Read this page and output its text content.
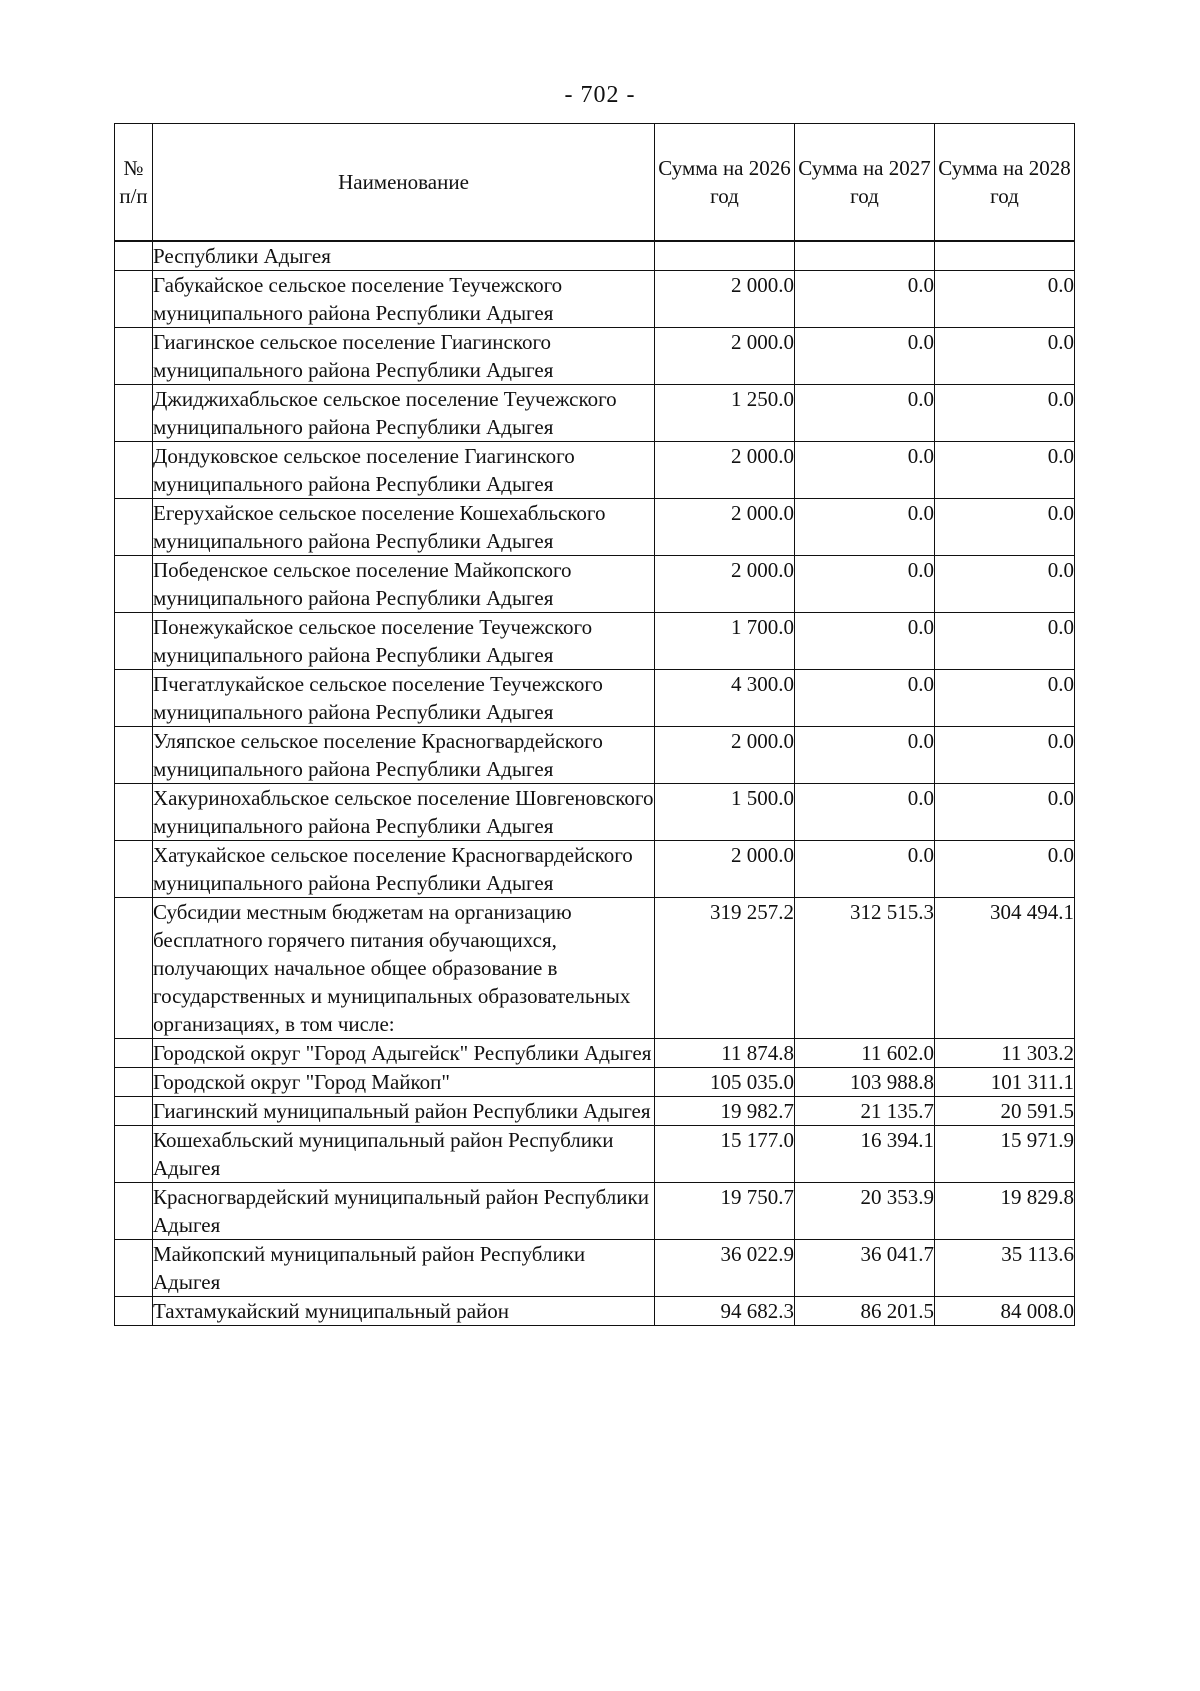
- 702 -
№ п/п	Наименование	Сумма на 2026 год	Сумма на 2027 год	Сумма на 2028 год
	Республики Адыгея			
	Габукайское сельское поселение Теучежского муниципального района Республики Адыгея	2 000.0	0.0	0.0
	Гиагинское сельское поселение Гиагинского муниципального района Республики Адыгея	2 000.0	0.0	0.0
	Джиджихабльское сельское поселение Теучежского муниципального района Республики Адыгея	1 250.0	0.0	0.0
	Дондуковское сельское поселение Гиагинского муниципального района Республики Адыгея	2 000.0	0.0	0.0
	Егерухайское сельское поселение Кошехабльского муниципального района Республики Адыгея	2 000.0	0.0	0.0
	Победенское сельское поселение Майкопского муниципального района Республики Адыгея	2 000.0	0.0	0.0
	Понежукайское сельское поселение Теучежского муниципального района Республики Адыгея	1 700.0	0.0	0.0
	Пчегатлукайское сельское поселение Теучежского муниципального района Республики Адыгея	4 300.0	0.0	0.0
	Уляпское сельское поселение Красногвардейского муниципального района Республики Адыгея	2 000.0	0.0	0.0
	Хакуринохабльское сельское поселение Шовгеновского муниципального района Республики Адыгея	1 500.0	0.0	0.0
	Хатукайское сельское поселение Красногвардейского муниципального района Республики Адыгея	2 000.0	0.0	0.0
	Субсидии местным бюджетам на организацию бесплатного горячего питания обучающихся, получающих начальное общее образование в государственных и муниципальных образовательных организациях, в том числе:	319 257.2	312 515.3	304 494.1
	Городской округ "Город Адыгейск" Республики Адыгея	11 874.8	11 602.0	11 303.2
	Городской округ "Город Майкоп"	105 035.0	103 988.8	101 311.1
	Гиагинский муниципальный район Республики Адыгея	19 982.7	21 135.7	20 591.5
	Кошехабльский муниципальный район Республики Адыгея	15 177.0	16 394.1	15 971.9
	Красногвардейский муниципальный район Республики Адыгея	19 750.7	20 353.9	19 829.8
	Майкопский муниципальный район Республики Адыгея	36 022.9	36 041.7	35 113.6
	Тахтамукайский муниципальный район	94 682.3	86 201.5	84 008.0
